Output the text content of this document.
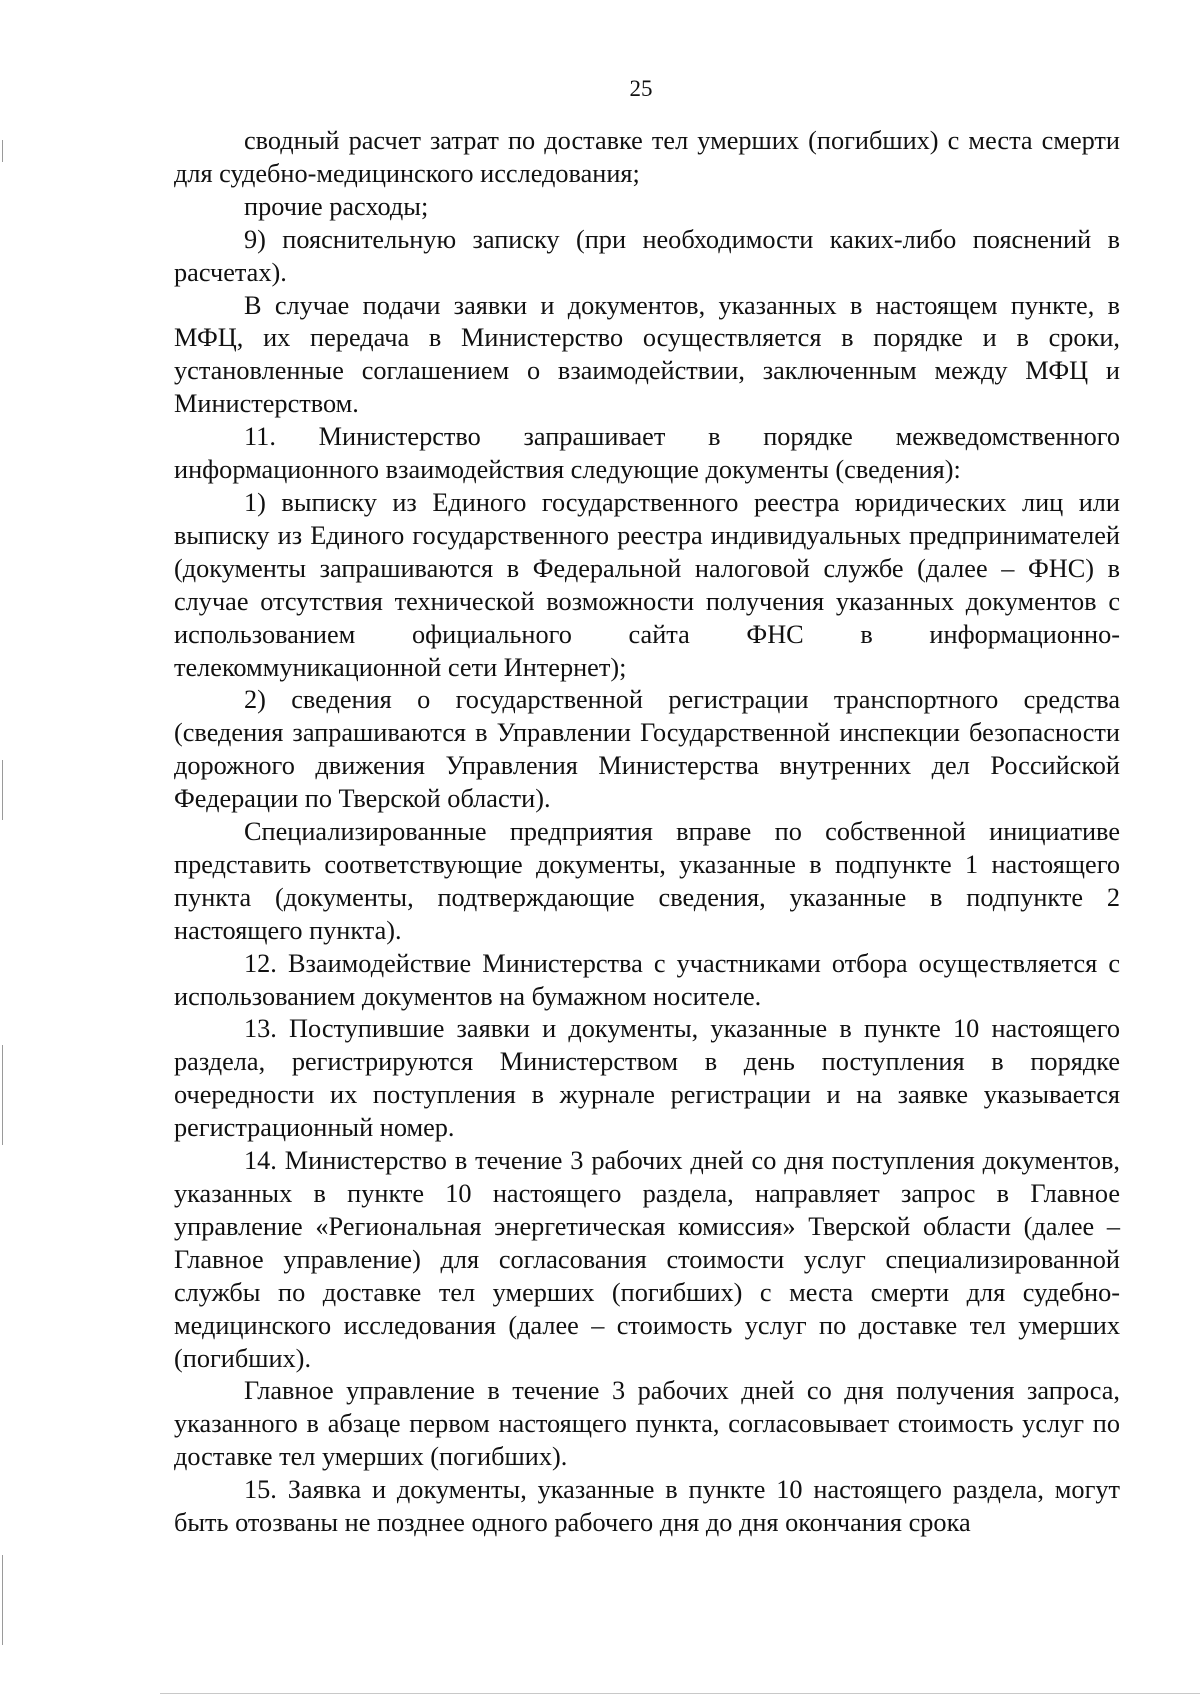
25

сводный расчет затрат по доставке тел умерших (погибших) с места смерти для судебно-медицинского исследования;

прочие расходы;

9) пояснительную записку (при необходимости каких-либо пояснений в расчетах).

В случае подачи заявки и документов, указанных в настоящем пункте, в МФЦ, их передача в Министерство осуществляется в порядке и в сроки, установленные соглашением о взаимодействии, заключенным между МФЦ и Министерством.

11. Министерство запрашивает в порядке межведомственного информационного взаимодействия следующие документы (сведения):

1) выписку из Единого государственного реестра юридических лиц или выписку из Единого государственного реестра индивидуальных предпринимателей (документы запрашиваются в Федеральной налоговой службе (далее – ФНС) в случае отсутствия технической возможности получения указанных документов с использованием официального сайта ФНС в информационно-телекоммуникационной сети Интернет);

2) сведения о государственной регистрации транспортного средства (сведения запрашиваются в Управлении Государственной инспекции безопасности дорожного движения Управления Министерства внутренних дел Российской Федерации по Тверской области).

Специализированные предприятия вправе по собственной инициативе представить соответствующие документы, указанные в подпункте 1 настоящего пункта (документы, подтверждающие сведения, указанные в подпункте 2 настоящего пункта).

12. Взаимодействие Министерства с участниками отбора осуществляется с использованием документов на бумажном носителе.

13. Поступившие заявки и документы, указанные в пункте 10 настоящего раздела, регистрируются Министерством в день поступления в порядке очередности их поступления в журнале регистрации и на заявке указывается регистрационный номер.

14. Министерство в течение 3 рабочих дней со дня поступления документов, указанных в пункте 10 настоящего раздела, направляет запрос в Главное управление «Региональная энергетическая комиссия» Тверской области (далее – Главное управление) для согласования стоимости услуг специализированной службы по доставке тел умерших (погибших) с места смерти для судебно-медицинского исследования (далее – стоимость услуг по доставке тел умерших (погибших).

Главное управление в течение 3 рабочих дней со дня получения запроса, указанного в абзаце первом настоящего пункта, согласовывает стоимость услуг по доставке тел умерших (погибших).

15. Заявка и документы, указанные в пункте 10 настоящего раздела, могут быть отозваны не позднее одного рабочего дня до дня окончания срока
